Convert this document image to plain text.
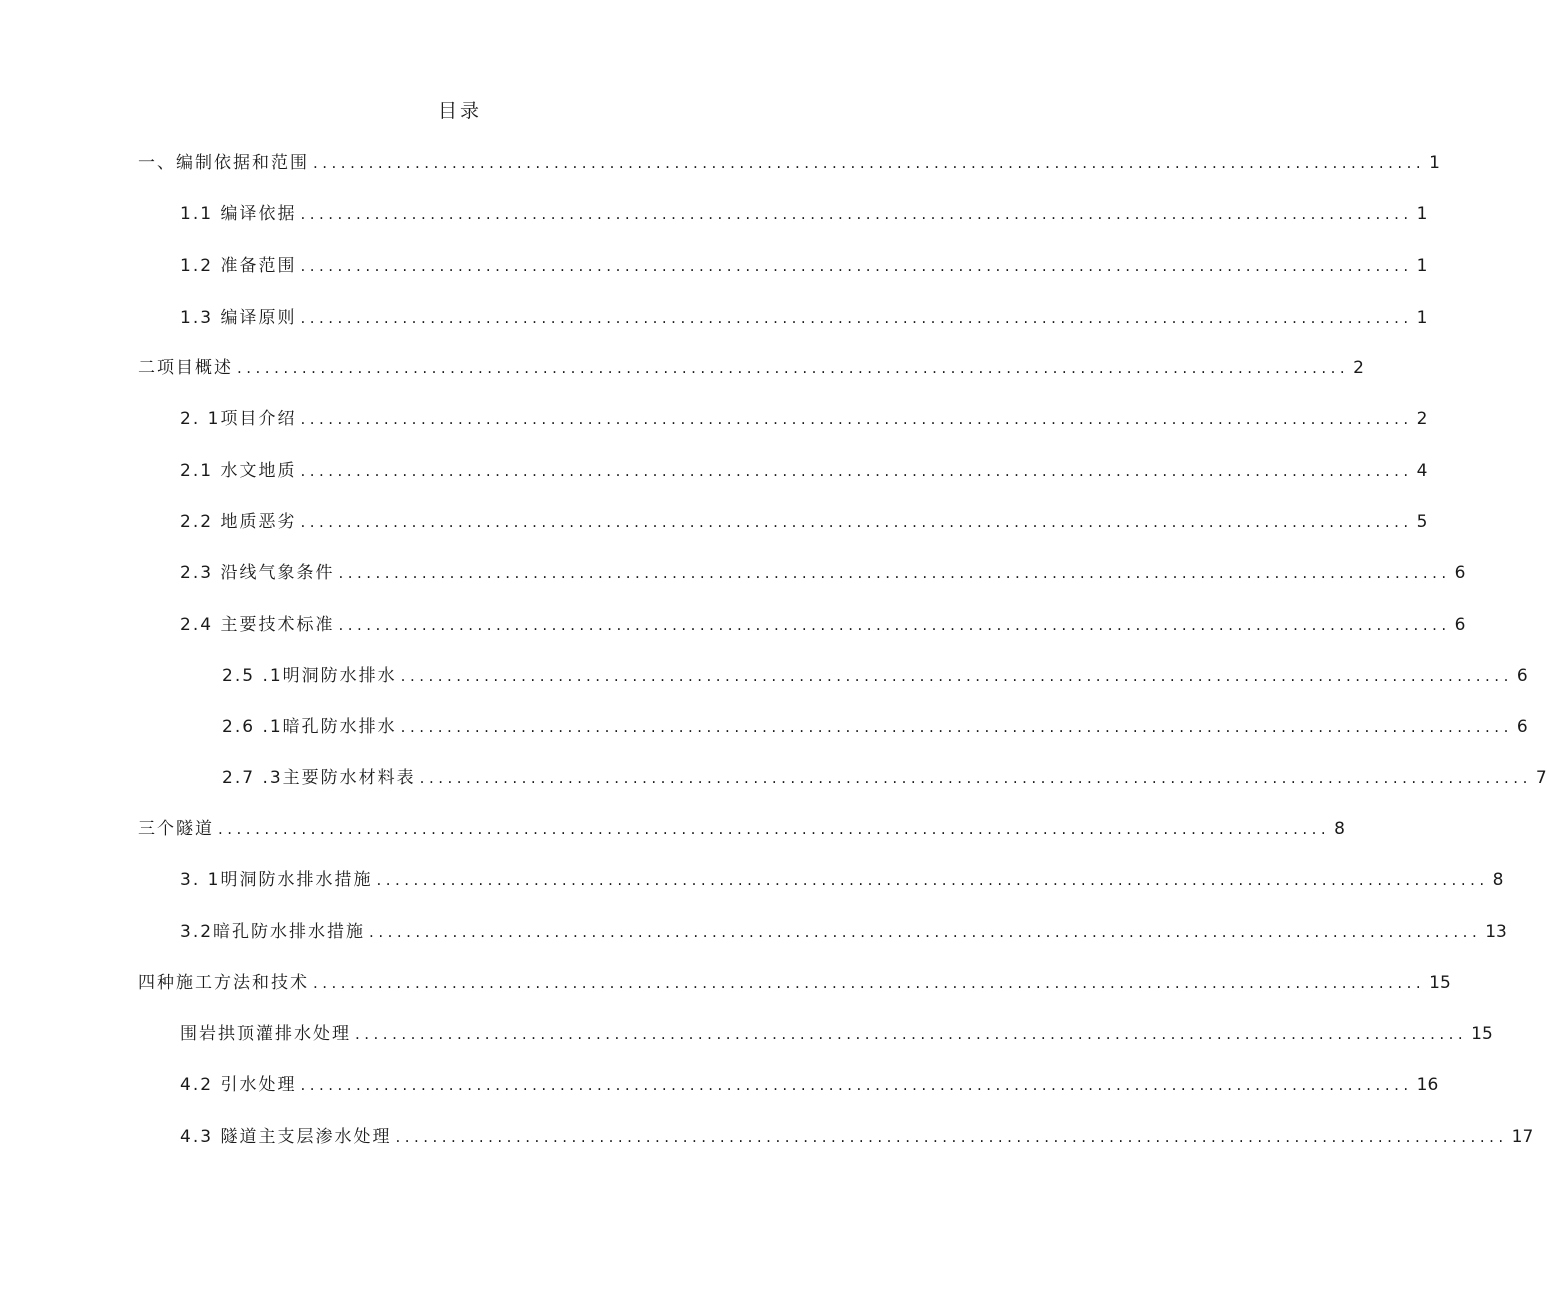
目录
一、编制依据和范围 ........................................................................................................................ 1
1.1 编译依据 ........................................................................................................................ 1
1.2 准备范围 ........................................................................................................................ 1
1.3 编译原则 ........................................................................................................................ 1
二项目概述 ........................................................................................................................ 2
2. 1项目介绍 ........................................................................................................................ 2
2.1 水文地质 ........................................................................................................................ 4
2.2 地质恶劣 ........................................................................................................................ 5
2.3 沿线气象条件 ........................................................................................................................ 6
2.4 主要技术标准 ........................................................................................................................ 6
2.5 .1明洞防水排水 ........................................................................................................................ 6
2.6 .1暗孔防水排水 ........................................................................................................................ 6
2.7 .3主要防水材料表 ........................................................................................................................ 7
三个隧道 ........................................................................................................................ 8
3. 1明洞防水排水措施 ........................................................................................................................ 8
3.2暗孔防水排水措施 ........................................................................................................................ 13
四种施工方法和技术 ........................................................................................................................ 15
围岩拱顶灌排水处理 ........................................................................................................................ 15
4.2 引水处理 ........................................................................................................................ 16
4.3 隧道主支层渗水处理 ........................................................................................................................ 17
